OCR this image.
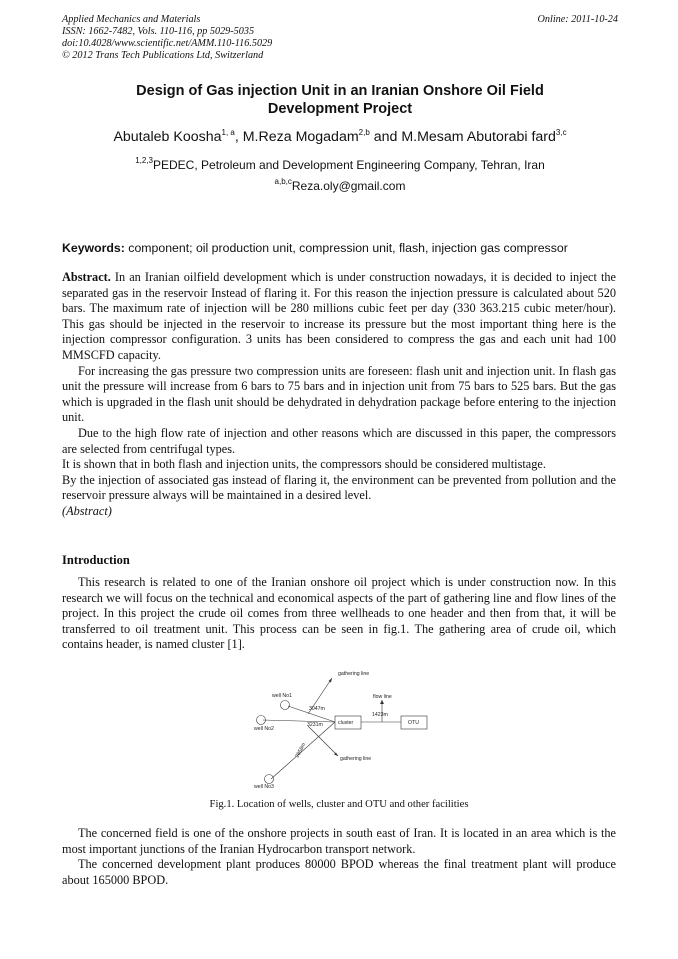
Applied Mechanics and Materials
ISSN: 1662-7482, Vols. 110-116, pp 5029-5035
doi:10.4028/www.scientific.net/AMM.110-116.5029
© 2012 Trans Tech Publications Ltd, Switzerland
Online: 2011-10-24
Design of Gas injection Unit in an Iranian Onshore Oil Field
Development Project
Abutaleb Koosha$^{1, a}$, M.Reza Mogadam$^{2,b}$ and M.Mesam Abutorabi fard$^{3,c}$
$^{1,2,3}$PEDEC, Petroleum and Development Engineering Company, Tehran, Iran
$^{a,b,c}$Reza.oly@gmail.com
Keywords: component; oil production unit, compression unit, flash, injection gas compressor

Abstract. In an Iranian oilfield development which is under construction nowadays, it is decided to inject the separated gas in the reservoir Instead of flaring it. For this reason the injection pressure is calculated about 520 bars. The maximum rate of injection will be 280 millions cubic feet per day (330 363.215 cubic meter/hour). This gas should be injected in the reservoir to increase its pressure but the most important thing here is the injection compressor configuration. 3 units has been considered to compress the gas and each unit had 100 MMSCFD capacity.

For increasing the gas pressure two compression units are foreseen: flash unit and injection unit. In flash gas unit the pressure will increase from 6 bars to 75 bars and in injection unit from 75 bars to 525 bars. But the gas which is upgraded in the flash unit should be dehydrated in dehydration package before entering to the injection unit.

Due to the high flow rate of injection and other reasons which are discussed in this paper, the compressors are selected from centrifugal types.

It is shown that in both flash and injection units, the compressors should be considered multistage.

By the injection of associated gas instead of flaring it, the environment can be prevented from pollution and the reservoir pressure always will be maintained in a desired level.

(Abstract)

Introduction

This research is related to one of the Iranian onshore oil project which is under construction now. In this research we will focus on the technical and economical aspects of the part of gathering line and flow lines of the project. In this project the crude oil comes from three wellheads to one header and then from that, it will be transferred to oil treatment unit. This process can be seen in fig.1. The gathering area of crude oil, which contains header, is named cluster [1].

gathering line
well No1
3047m
flow line
1423m
cluster	OTU
well No2
3231m
2858m
gathering line
well No3
Fig.1. Location of wells, cluster and OTU and other facilities

The concerned field is one of the onshore projects in south east of Iran. It is located in an area which is the most important junctions of the Iranian Hydrocarbon transport network.

The concerned development plant produces 80000 BPOD whereas the final treatment plant will produce about 165000 BPOD.
